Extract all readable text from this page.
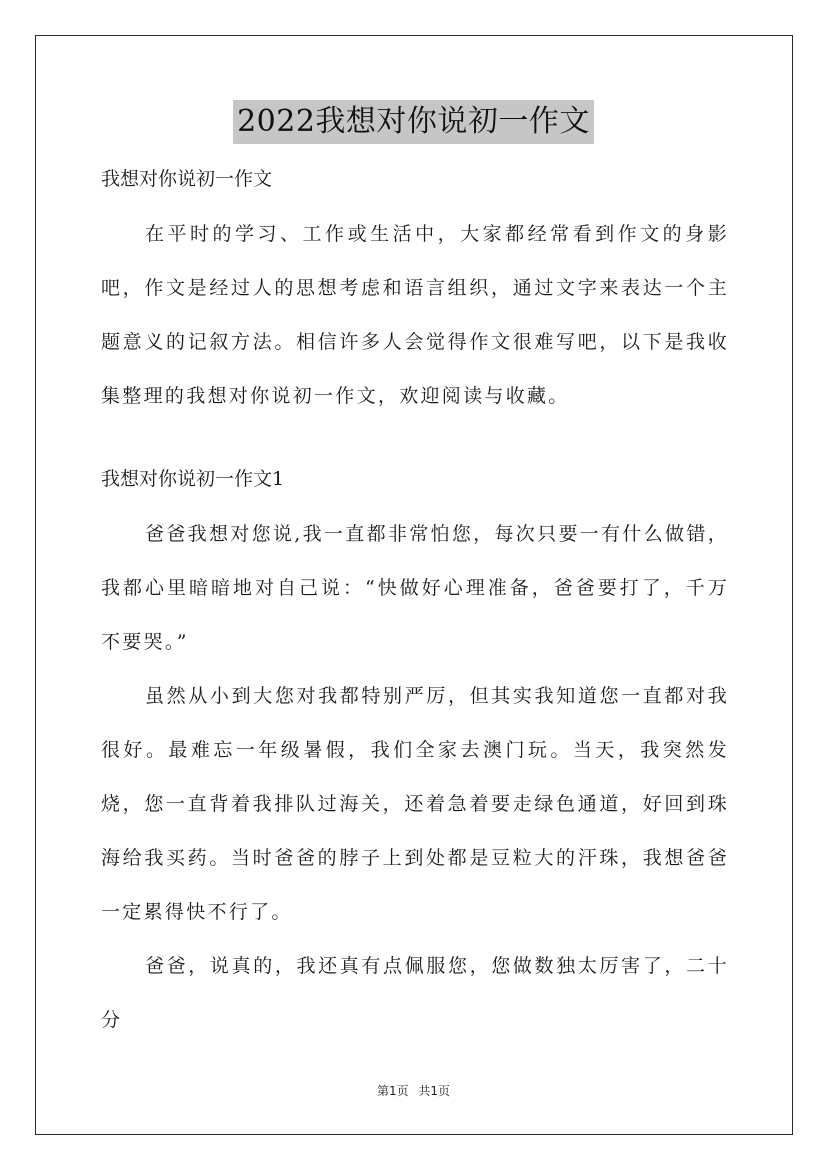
2022我想对你说初一作文

我想对你说初一作文

在平时的学习、工作或生活中，大家都经常看到作文的身影吧，作文是经过人的思想考虑和语言组织，通过文字来表达一个主题意义的记叙方法。相信许多人会觉得作文很难写吧，以下是我收集整理的我想对你说初一作文，欢迎阅读与收藏。

我想对你说初一作文1

爸爸我想对您说,我一直都非常怕您，每次只要一有什么做错，我都心里暗暗地对自己说：“快做好心理准备，爸爸要打了，千万不要哭。”

虽然从小到大您对我都特别严厉，但其实我知道您一直都对我很好。最难忘一年级暑假，我们全家去澳门玩。当天，我突然发烧，您一直背着我排队过海关，还着急着要走绿色通道，好回到珠海给我买药。当时爸爸的脖子上到处都是豆粒大的汗珠，我想爸爸一定累得快不行了。

爸爸，说真的，我还真有点佩服您，您做数独太厉害了，二十分

第1页 共1页
